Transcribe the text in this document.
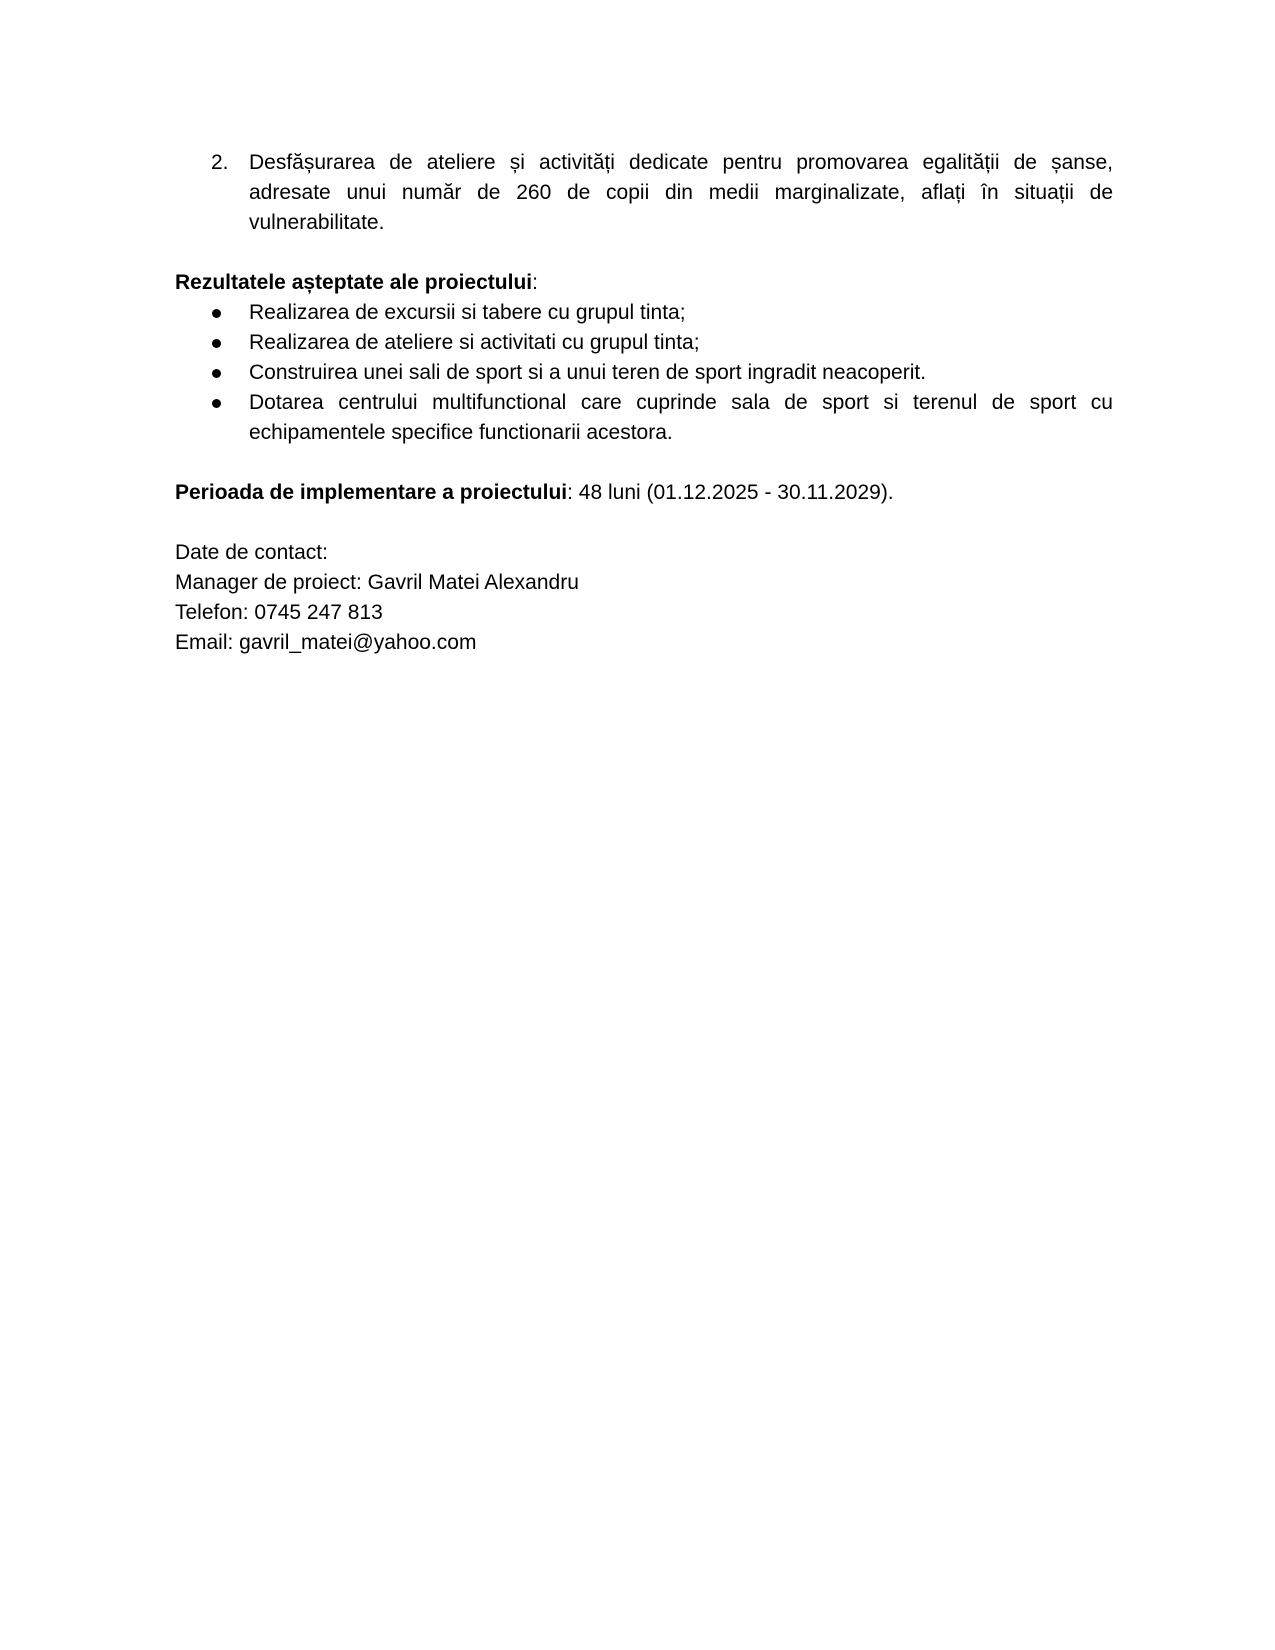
2. Desfășurarea de ateliere și activități dedicate pentru promovarea egalității de șanse, adresate unui număr de 260 de copii din medii marginalizate, aflați în situații de vulnerabilitate.
Rezultatele așteptate ale proiectului:
Realizarea de excursii si tabere cu grupul tinta;
Realizarea de ateliere si activitati cu grupul tinta;
Construirea unei sali de sport si a unui teren de sport ingradit neacoperit.
Dotarea centrului multifunctional care cuprinde sala de sport si terenul de sport cu echipamentele specifice functionarii acestora.
Perioada de implementare a proiectului: 48 luni (01.12.2025 - 30.11.2029).
Date de contact:
Manager de proiect: Gavril Matei Alexandru
Telefon: 0745 247 813
Email: gavril_matei@yahoo.com
